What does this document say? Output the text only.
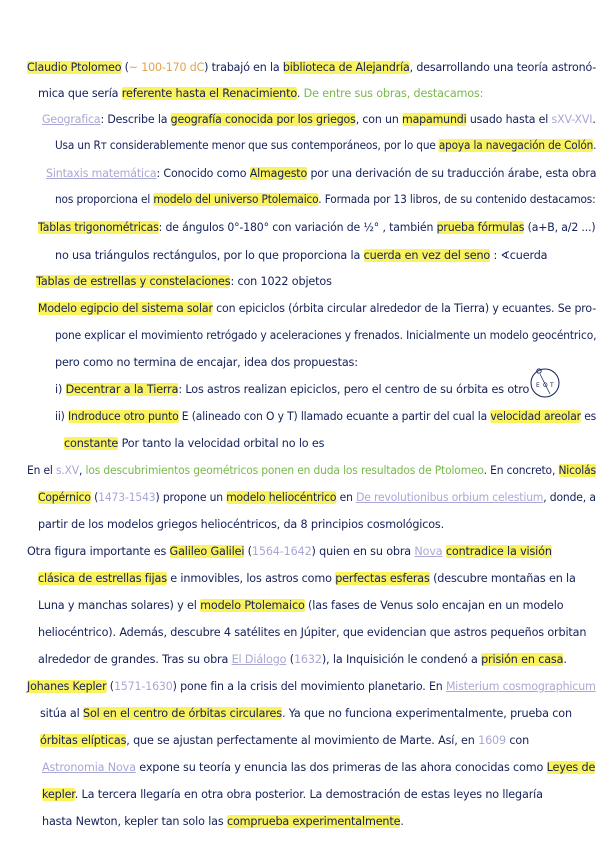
E O T
Claudio Ptolomeo (~ 100-170 dC) trabajó en la biblioteca de Alejandría, desarrollando una teoría astronó-
mica que sería referente hasta el Renacimiento. De entre sus obras, destacamos:
Geografica: Describe la geografía conocida por los griegos, con un mapamundi usado hasta el sXV-XVI.
Usa un Rт considerablemente menor que sus contemporáneos, por lo que apoya la navegación de Colón.
Sintaxis matemática: Conocido como Almagesto por una derivación de su traducción árabe, esta obra
nos proporciona el modelo del universo Ptolemaico. Formada por 13 libros, de su contenido destacamos:
Tablas trigonométricas: de ángulos 0°-180° con variación de ½° , también prueba fórmulas (a+B, a/2 ...)
no usa triángulos rectángulos, por lo que proporciona la cuerda en vez del seno : ∢cuerda
Tablas de estrellas y constelaciones: con 1022 objetos
Modelo egipcio del sistema solar con epiciclos (órbita circular alrededor de la Tierra) y ecuantes. Se pro-
pone explicar el movimiento retrógado y aceleraciones y frenados. Inicialmente un modelo geocéntrico,
pero como no termina de encajar, idea dos propuestas:
i) Decentrar a la Tierra: Los astros realizan epiciclos, pero el centro de su órbita es otro
ii) Indroduce otro punto E (alineado con O y T) llamado ecuante a partir del cual la velocidad areolar es
constante Por tanto la velocidad orbital no lo es
En el s.XV, los descubrimientos geométricos ponen en duda los resultados de Ptolomeo. En concreto, Nicolás
Copérnico (1473-1543) propone un modelo heliocéntrico en De revolutionibus orbium celestium, donde, a
partir de los modelos griegos heliocéntricos, da 8 principios cosmológicos.
Otra figura importante es Galileo Galilei (1564-1642) quien en su obra Nova contradice la visión
clásica de estrellas fijas e inmovibles, los astros como perfectas esferas (descubre montañas en la
Luna y manchas solares) y el modelo Ptolemaico (las fases de Venus solo encajan en un modelo
heliocéntrico). Además, descubre 4 satélites en Júpiter, que evidencian que astros pequeños orbitan
alrededor de grandes. Tras su obra El Diálogo (1632), la Inquisición le condenó a prisión en casa.
Johanes Kepler (1571-1630) pone fin a la crisis del movimiento planetario. En Misterium cosmographicum
sitúa al Sol en el centro de órbitas circulares. Ya que no funciona experimentalmente, prueba con
órbitas elípticas, que se ajustan perfectamente al movimiento de Marte. Así, en 1609 con
Astronomia Nova expone su teoría y enuncia las dos primeras de las ahora conocidas como Leyes de
kepler. La tercera llegaría en otra obra posterior. La demostración de estas leyes no llegaría
hasta Newton, kepler tan solo las comprueba experimentalmente.
